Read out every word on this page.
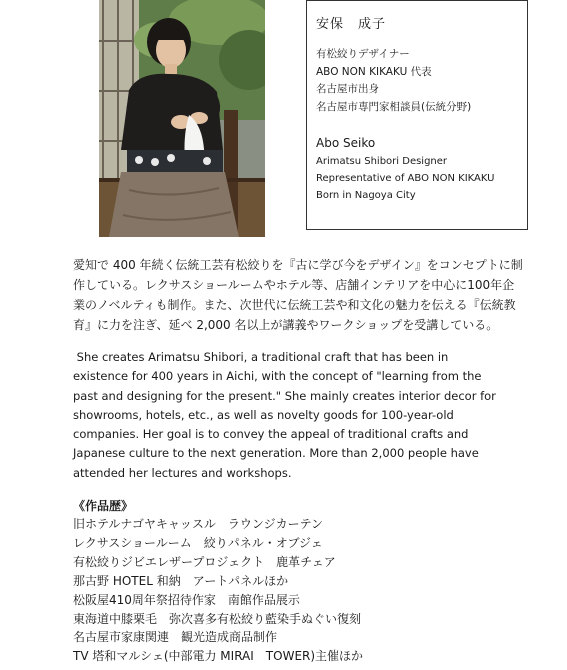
安保　成子
有松絞りデザイナー
ABO NON KIKAKU 代表
名古屋市出身
名古屋市専門家相談員(伝統分野)
Abo Seiko
Arimatsu Shibori Designer
Representative of ABO NON KIKAKU
Born in Nagoya City
愛知で 400 年続く伝統工芸有松絞りを『古に学び今をデザイン』をコンセプトに制
作している。レクサスショールームやホテル等、店舗インテリアを中心に100年企
業のノベルティも制作。また、次世代に伝統工芸や和文化の魅力を伝える『伝統教
育』に力を注ぎ、延べ 2,000 名以上が講義やワークショップを受講している。
She creates Arimatsu Shibori, a traditional craft that has been in
existence for 400 years in Aichi, with the concept of "learning from the
past and designing for the present." She mainly creates interior decor for
showrooms, hotels, etc., as well as novelty goods for 100-year-old
companies. Her goal is to convey the appeal of traditional crafts and
Japanese culture to the next generation. More than 2,000 people have
attended her lectures and workshops.
《作品歴》
旧ホテルナゴヤキャッスル　ラウンジカーテン
レクサスショールーム　絞りパネル・オブジェ
有松絞りジビエレザープロジェクト　鹿革チェア
那古野 HOTEL 和納　アートパネルほか
松阪屋410周年祭招待作家　南館作品展示
東海道中膝栗毛　弥次喜多有松絞り藍染手ぬぐい復刻
名古屋市家康関連　観光造成商品制作
TV 塔和マルシェ(中部電力 MIRAI　TOWER)主催ほか
